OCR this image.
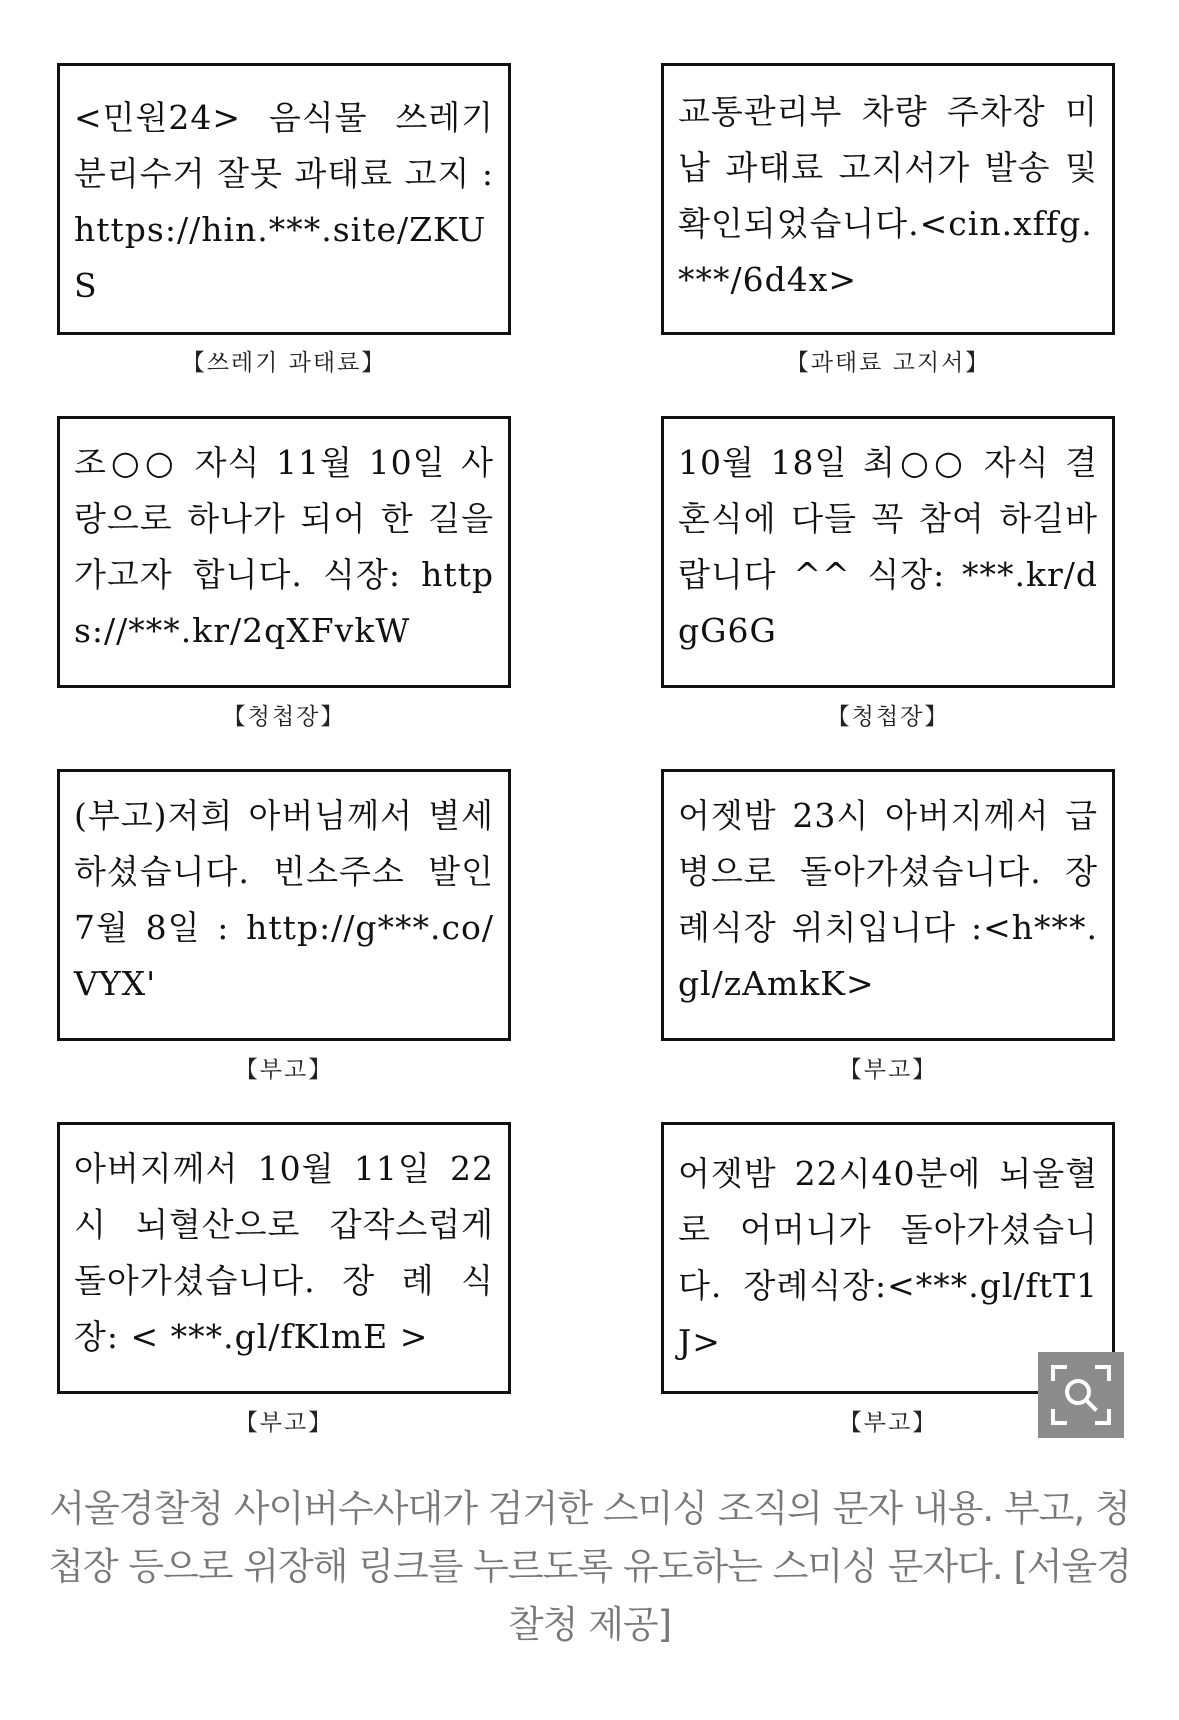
<민원24> 음식물 쓰레기 분리수거 잘못 과태료 고지 : https://hin.***.site/ZKUS
【쓰레기 과태료】
교통관리부 차량 주차장 미납 과태료 고지서가 발송 및 확인되었습니다.<cin.xffg.***/6d4x>
【과태료 고지서】
조○○ 자식 11월 10일 사랑으로 하나가 되어 한 길을 가고자 합니다. 식장: https://***.kr/2qXFvkW
【청첩장】
10월 18일 최○○ 자식 결혼식에 다들 꼭 참여 하길바랍니다 ^^ 식장: ***.kr/dgG6G
【청첩장】
(부고)저희 아버님께서 별세하셨습니다. 빈소주소 발인 7월 8일 : http://g***.co/VYX'
【부고】
어젯밤 23시 아버지께서 급병으로 돌아가셨습니다. 장례식장 위치입니다 :<h***.gl/zAmkK>
【부고】
아버지께서 10월 11일 22시 뇌혈산으로 갑작스럽게 돌아가셨습니다. 장 례 식 장: < ***.gl/fKlmE >
【부고】
어젯밤 22시40분에 뇌울혈로 어머니가 돌아가셨습니다. 장례식장:<***.gl/ftT1J>
【부고】
서울경찰청 사이버수사대가 검거한 스미싱 조직의 문자 내용. 부고, 청첩장 등으로 위장해 링크를 누르도록 유도하는 스미싱 문자다. [서울경찰청 제공]
